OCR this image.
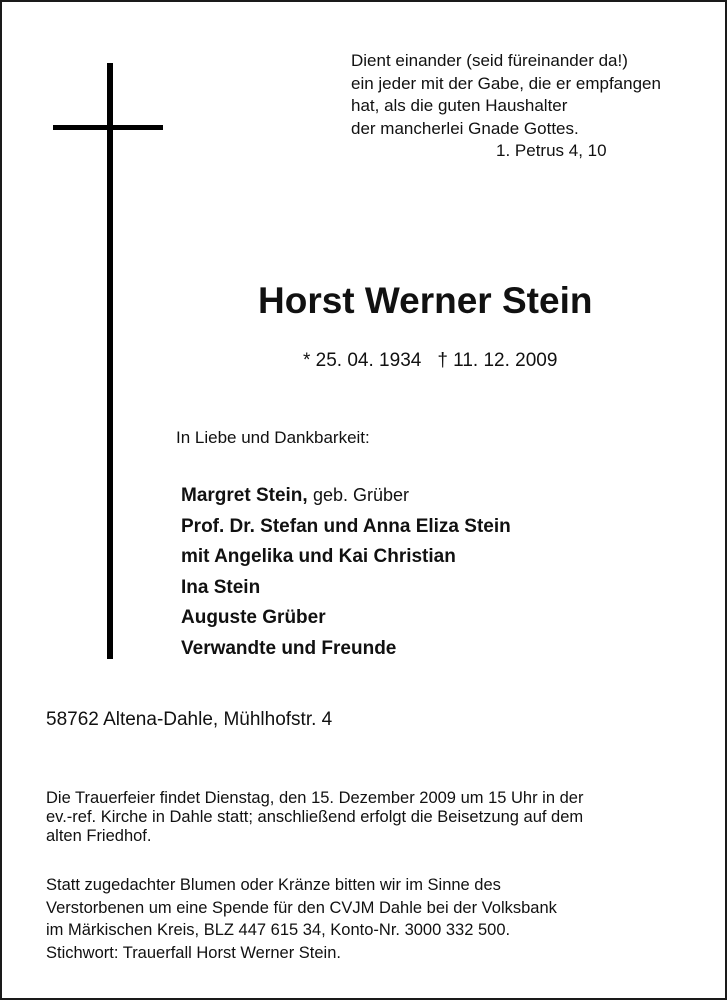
Dient einander (seid füreinander da!)
ein jeder mit der Gabe, die er empfangen
hat, als die guten Haushalter
der mancherlei Gnade Gottes.
1. Petrus 4, 10
Horst Werner Stein
* 25. 04. 1934 † 11. 12. 2009
In Liebe und Dankbarkeit:
Margret Stein, geb. Grüber
Prof. Dr. Stefan und Anna Eliza Stein
mit Angelika und Kai Christian
Ina Stein
Auguste Grüber
Verwandte und Freunde
58762 Altena-Dahle, Mühlhofstr. 4
Die Trauerfeier findet Dienstag, den 15. Dezember 2009 um 15 Uhr in der
ev.-ref. Kirche in Dahle statt; anschließend erfolgt die Beisetzung auf dem
alten Friedhof.
Statt zugedachter Blumen oder Kränze bitten wir im Sinne des
Verstorbenen um eine Spende für den CVJM Dahle bei der Volksbank
im Märkischen Kreis, BLZ 447 615 34, Konto-Nr. 3000 332 500.
Stichwort: Trauerfall Horst Werner Stein.
